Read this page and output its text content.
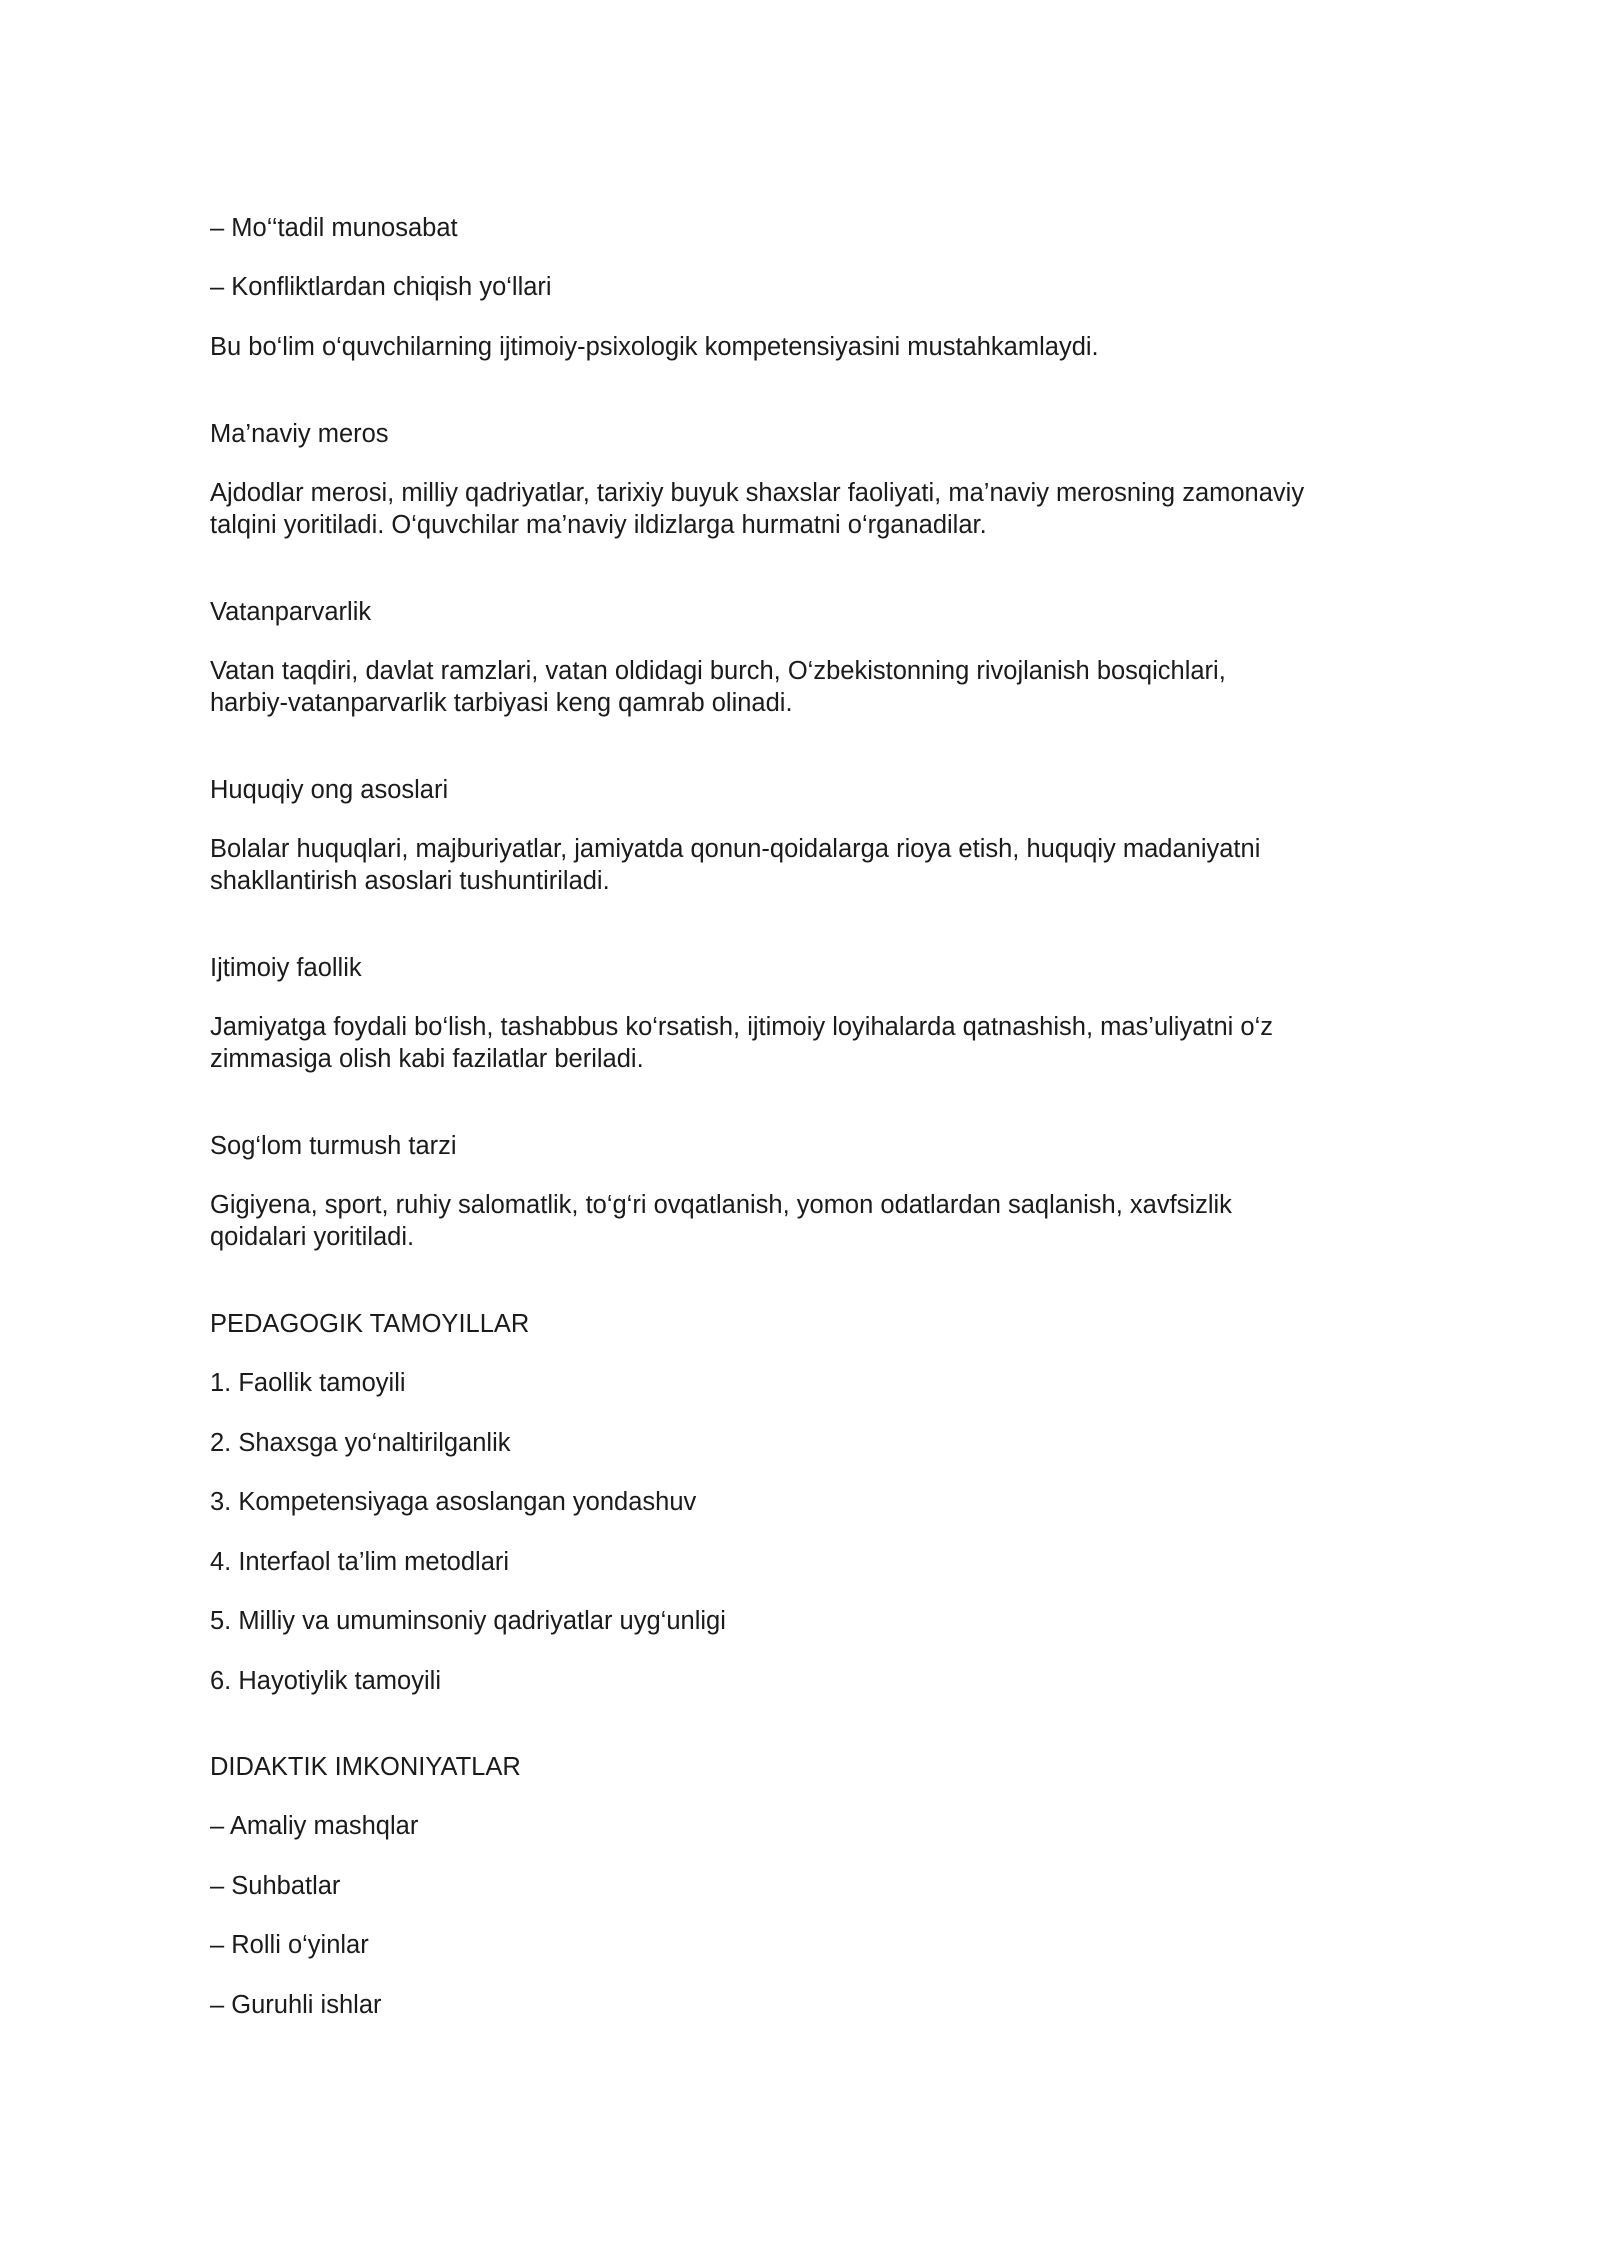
– Mo‘‘tadil munosabat

– Konfliktlardan chiqish yo‘llari

Bu bo‘lim o‘quvchilarning ijtimoiy-psixologik kompetensiyasini mustahkamlaydi.

Ma’naviy meros

Ajdodlar merosi, milliy qadriyatlar, tarixiy buyuk shaxslar faoliyati, ma’naviy merosning zamonaviy

talqini yoritiladi. O‘quvchilar ma’naviy ildizlarga hurmatni o‘rganadilar.

Vatanparvarlik

Vatan taqdiri, davlat ramzlari, vatan oldidagi burch, O‘zbekistonning rivojlanish bosqichlari,

harbiy-vatanparvarlik tarbiyasi keng qamrab olinadi.

Huquqiy ong asoslari

Bolalar huquqlari, majburiyatlar, jamiyatda qonun-qoidalarga rioya etish, huquqiy madaniyatni

shakllantirish asoslari tushuntiriladi.

Ijtimoiy faollik

Jamiyatga foydali bo‘lish, tashabbus ko‘rsatish, ijtimoiy loyihalarda qatnashish, mas’uliyatni o‘z

zimmasiga olish kabi fazilatlar beriladi.

Sog‘lom turmush tarzi

Gigiyena, sport, ruhiy salomatlik, to‘g‘ri ovqatlanish, yomon odatlardan saqlanish, xavfsizlik

qoidalari yoritiladi.

PEDAGOGIK TAMOYILLAR

1. Faollik tamoyili

2. Shaxsga yo‘naltirilganlik

3. Kompetensiyaga asoslangan yondashuv

4. Interfaol ta’lim metodlari

5. Milliy va umuminsoniy qadriyatlar uyg‘unligi

6. Hayotiylik tamoyili

DIDAKTIK IMKONIYATLAR

– Amaliy mashqlar

– Suhbatlar

– Rolli o‘yinlar

– Guruhli ishlar
